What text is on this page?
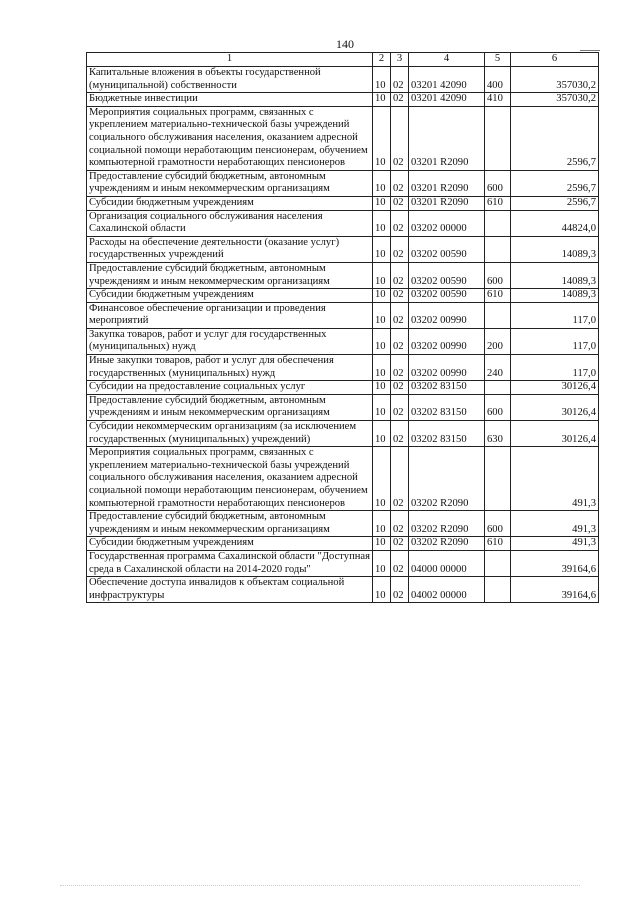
140
1	2	3	4	5	6
Капитальные вложения в объекты государственной (муниципальной) собственности	10	02	03201 42090	400	357030,2
Бюджетные инвестиции	10	02	03201 42090	410	357030,2
Мероприятия социальных программ, связанных с укреплением материально-технической базы учреждений социального обслуживания населения, оказанием адресной социальной помощи неработающим пенсионерам, обучением компьютерной грамотности неработающих пенсионеров	10	02	03201 R2090		2596,7
Предоставление субсидий бюджетным, автономным учреждениям и иным некоммерческим организациям	10	02	03201 R2090	600	2596,7
Субсидии бюджетным учреждениям	10	02	03201 R2090	610	2596,7
Организация социального обслуживания населения Сахалинской области	10	02	03202 00000		44824,0
Расходы на обеспечение деятельности (оказание услуг) государственных учреждений	10	02	03202 00590		14089,3
Предоставление субсидий бюджетным, автономным учреждениям и иным некоммерческим организациям	10	02	03202 00590	600	14089,3
Субсидии бюджетным учреждениям	10	02	03202 00590	610	14089,3
Финансовое обеспечение организации и проведения мероприятий	10	02	03202 00990		117,0
Закупка товаров, работ и услуг для государственных (муниципальных) нужд	10	02	03202 00990	200	117,0
Иные закупки товаров, работ и услуг для обеспечения государственных (муниципальных) нужд	10	02	03202 00990	240	117,0
Субсидии на предоставление социальных услуг	10	02	03202 83150		30126,4
Предоставление субсидий бюджетным, автономным учреждениям и иным некоммерческим организациям	10	02	03202 83150	600	30126,4
Субсидии некоммерческим организациям (за исключением государственных (муниципальных) учреждений)	10	02	03202 83150	630	30126,4
Мероприятия социальных программ, связанных с укреплением материально-технической базы учреждений социального обслуживания населения, оказанием адресной социальной помощи неработающим пенсионерам, обучением компьютерной грамотности неработающих пенсионеров	10	02	03202 R2090		491,3
Предоставление субсидий бюджетным, автономным учреждениям и иным некоммерческим организациям	10	02	03202 R2090	600	491,3
Субсидии бюджетным учреждениям	10	02	03202 R2090	610	491,3
Государственная программа Сахалинской области "Доступная среда в Сахалинской области на 2014-2020 годы"	10	02	04000 00000		39164,6
Обеспечение доступа инвалидов к объектам социальной инфраструктуры	10	02	04002 00000		39164,6
